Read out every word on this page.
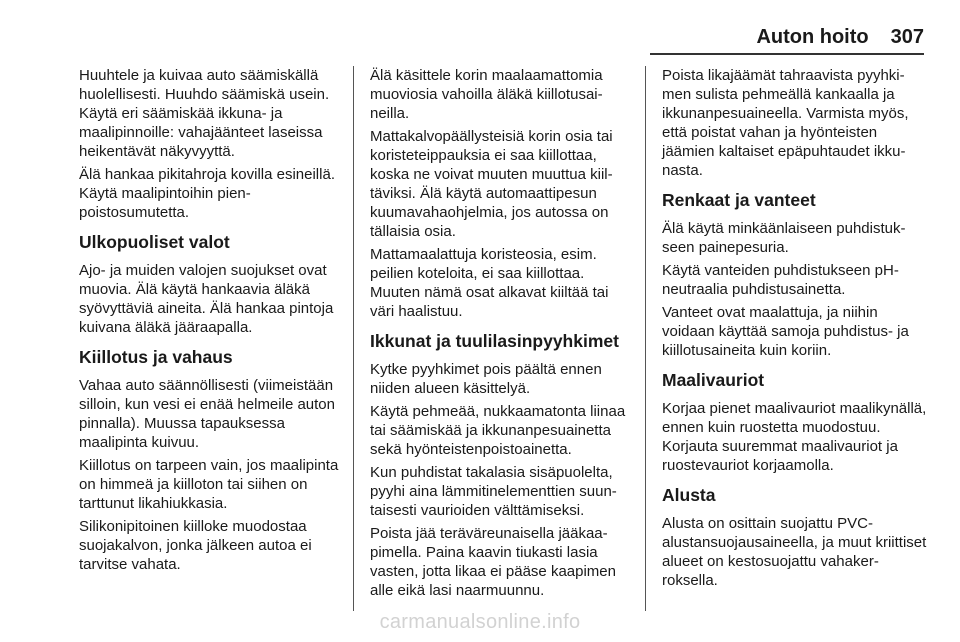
Auton hoito 307

Huuhtele ja kuivaa auto säämiskällä huolellisesti. Huuhdo säämiskä usein. Käytä eri säämiskää ikkuna- ja maalipinnoille: vahajäänteet laseissa heikentävät näkyvyyttä.

Älä hankaa pikitahroja kovilla esineillä. Käytä maalipintoihin pienpoistosumutetta.

Ulkopuoliset valot

Ajo- ja muiden valojen suojukset ovat muovia. Älä käytä hankaavia äläkä syövyttäviä aineita. Älä hankaa pintoja kuivana äläkä jääraapalla.

Kiillotus ja vahaus

Vahaa auto säännöllisesti (viimeistään silloin, kun vesi ei enää helmeile auton pinnalla). Muussa tapauksessa maalipinta kuivuu.

Kiillotus on tarpeen vain, jos maalipinta on himmeä ja kiilloton tai siihen on tarttunut likahiukkasia.

Silikonipitoinen kiilloke muodostaa suojakalvon, jonka jälkeen autoa ei tarvitse vahata.

Älä käsittele korin maalaamattomia muoviosia vahoilla äläkä kiillotusaineilla.

Mattakalvopäällysteisiä korin osia tai koristeteippauksia ei saa kiillottaa, koska ne voivat muuten muuttua kiiltäviksi. Älä käytä automaattipesun kuumavahaohjelmia, jos autossa on tällaisia osia.

Mattamaalattuja koristeosia, esim. peilien koteloita, ei saa kiillottaa. Muuten nämä osat alkavat kiiltää tai väri haalistuu.

Ikkunat ja tuulilasinpyyhkimet

Kytke pyyhkimet pois päältä ennen niiden alueen käsittelyä.

Käytä pehmeää, nukkaamatonta liinaa tai säämiskää ja ikkunanpesuainetta sekä hyönteistenpoistoainetta.

Kun puhdistat takalasia sisäpuolelta, pyyhi aina lämmitinelementtien suuntaisesti vaurioiden välttämiseksi.

Poista jää teräväreunaisella jääkaapimella. Paina kaavin tiukasti lasia vasten, jotta likaa ei pääse kaapimen alle eikä lasi naarmuunnu.

Poista likajäämät tahraavista pyyhkimen sulista pehmeällä kankaalla ja ikkunanpesuaineella. Varmista myös, että poistat vahan ja hyönteisten jäämien kaltaiset epäpuhtaudet ikkunasta.

Renkaat ja vanteet

Älä käytä minkäänlaiseen puhdistukseen painepesuria.

Käytä vanteiden puhdistukseen pH-neutraalia puhdistusainetta.

Vanteet ovat maalattuja, ja niihin voidaan käyttää samoja puhdistus- ja kiillotusaineita kuin koriin.

Maalivauriot

Korjaa pienet maalivauriot maalikynällä, ennen kuin ruostetta muodostuu. Korjauta suuremmat maalivauriot ja ruostevauriot korjaamolla.

Alusta

Alusta on osittain suojattu PVC-alustansuojausaineella, ja muut kriittiset alueet on kestosuojattu vahakerroksella.

carmanualsonline.info
